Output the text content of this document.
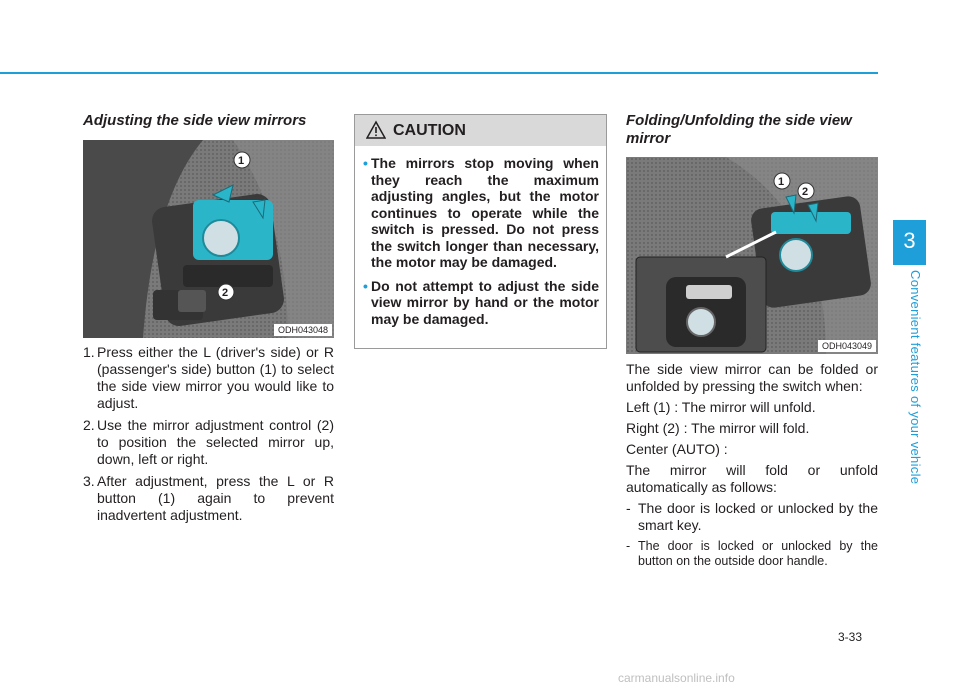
3
Convenient features of your vehicle
Adjusting the side view mirrors
1
2
ODH043048
1. Press either the L (driver's side) or R (passenger's side) button (1) to select the side view mirror you would like to adjust.
2. Use the mirror adjustment control (2) to position the selected mirror up, down, left or right.
3. After adjustment, press the L or R button (1) again to prevent inadvertent adjustment.
CAUTION
• The mirrors stop moving when they reach the maximum adjusting angles, but the motor continues to operate while the switch is pressed. Do not press the switch longer than necessary, the motor may be damaged.
• Do not attempt to adjust the side view mirror by hand or the motor may be damaged.
Folding/Unfolding the side view mirror
1
2
ODH043049

The side view mirror can be folded or unfolded by pressing the switch when:

Left (1) : The mirror will unfold.

Right (2) : The mirror will fold.

Center (AUTO) :

The mirror will fold or unfold automatically as follows:

- The door is locked or unlocked by the smart key.
- The door is locked or unlocked by the button on the outside door handle.
3-33
carmanualsonline.info
